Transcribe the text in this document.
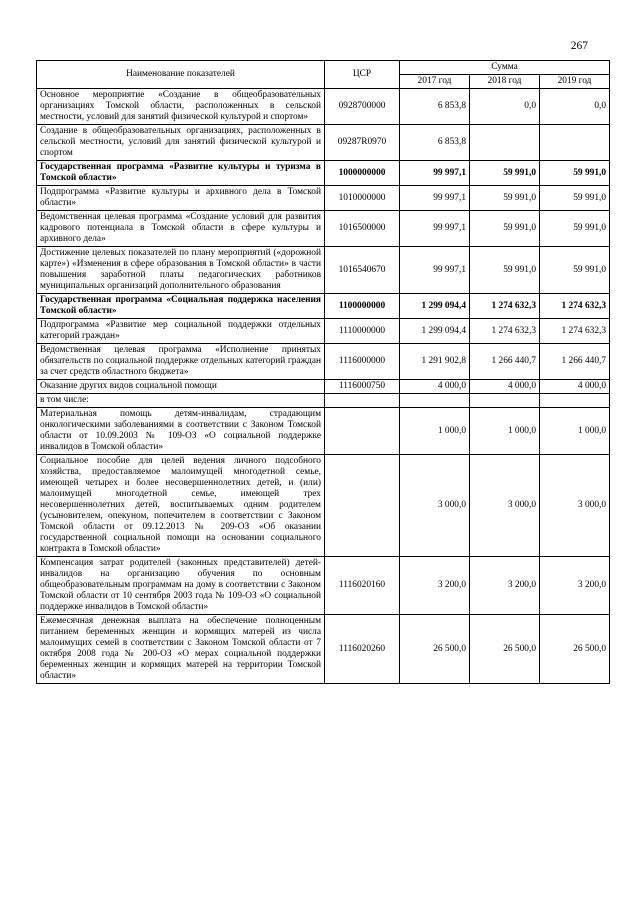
267
Наименование показателей	ЦСР	Сумма		
		2017 год	2018 год	2019 год
Основное мероприятие «Создание в общеобразовательных организациях Томской области, расположенных в сельской местности, условий для занятий физической культурой и спортом»	0928700000	6 853,8	0,0	0,0
Создание в общеобразовательных организациях, расположенных в сельской местности, условий для занятий физической культурой и спортом	09287R0970	6 853,8		
Государственная программа «Развитие культуры и туризма в Томской области»	1000000000	99 997,1	59 991,0	59 991,0
Подпрограмма «Развитие культуры и архивного дела в Томской области»	1010000000	99 997,1	59 991,0	59 991,0
Ведомственная целевая программа «Создание условий для развития кадрового потенциала в Томской области в сфере культуры и архивного дела»	1016500000	99 997,1	59 991,0	59 991,0
Достижение целевых показателей по плану мероприятий («дорожной карте») «Изменения в сфере образования в Томской области» в части повышения заработной платы педагогических работников муниципальных организаций дополнительного образования	1016540670	99 997,1	59 991,0	59 991,0
Государственная программа «Социальная поддержка населения Томской области»	1100000000	1 299 094,4	1 274 632,3	1 274 632,3
Подпрограмма «Развитие мер социальной поддержки отдельных категорий граждан»	1110000000	1 299 094,4	1 274 632,3	1 274 632,3
Ведомственная целевая программа «Исполнение принятых обязательств по социальной поддержке отдельных категорий граждан за счет средств областного бюджета»	1116000000	1 291 902,8	1 266 440,7	1 266 440,7
Оказание других видов социальной помощи	1116000750	4 000,0	4 000,0	4 000,0
в том числе:				
Материальная помощь детям-инвалидам, страдающим онкологическими заболеваниями в соответствии с Законом Томской области от 10.09.2003 № 109-ОЗ «О социальной поддержке инвалидов в Томской области»		1 000,0	1 000,0	1 000,0
Социальное пособие для целей ведения личного подсобного хозяйства, предоставляемое малоимущей многодетной семье, имеющей четырех и более несовершеннолетних детей, и (или) малоимущей многодетной семье, имеющей трех несовершеннолетних детей, воспитываемых одним родителем (усыновителем, опекуном, попечителем в соответствии с Законом Томской области от 09.12.2013 № 209-ОЗ «Об оказании государственной социальной помощи на основании социального контракта в Томской области»		3 000,0	3 000,0	3 000,0
Компенсация затрат родителей (законных представителей) детей-инвалидов на организацию обучения по основным общеобразовательным программам на дому в соответствии с Законом Томской области от 10 сентября 2003 года № 109-ОЗ «О социальной поддержке инвалидов в Томской области»	1116020160	3 200,0	3 200,0	3 200,0
Ежемесячная денежная выплата на обеспечение полноценным питанием беременных женщин и кормящих матерей из числа малоимущих семей в соответствии с Законом Томской области от 7 октября 2008 года № 200-ОЗ «О мерах социальной поддержки беременных женщин и кормящих матерей на территории Томской области»	1116020260	26 500,0	26 500,0	26 500,0
